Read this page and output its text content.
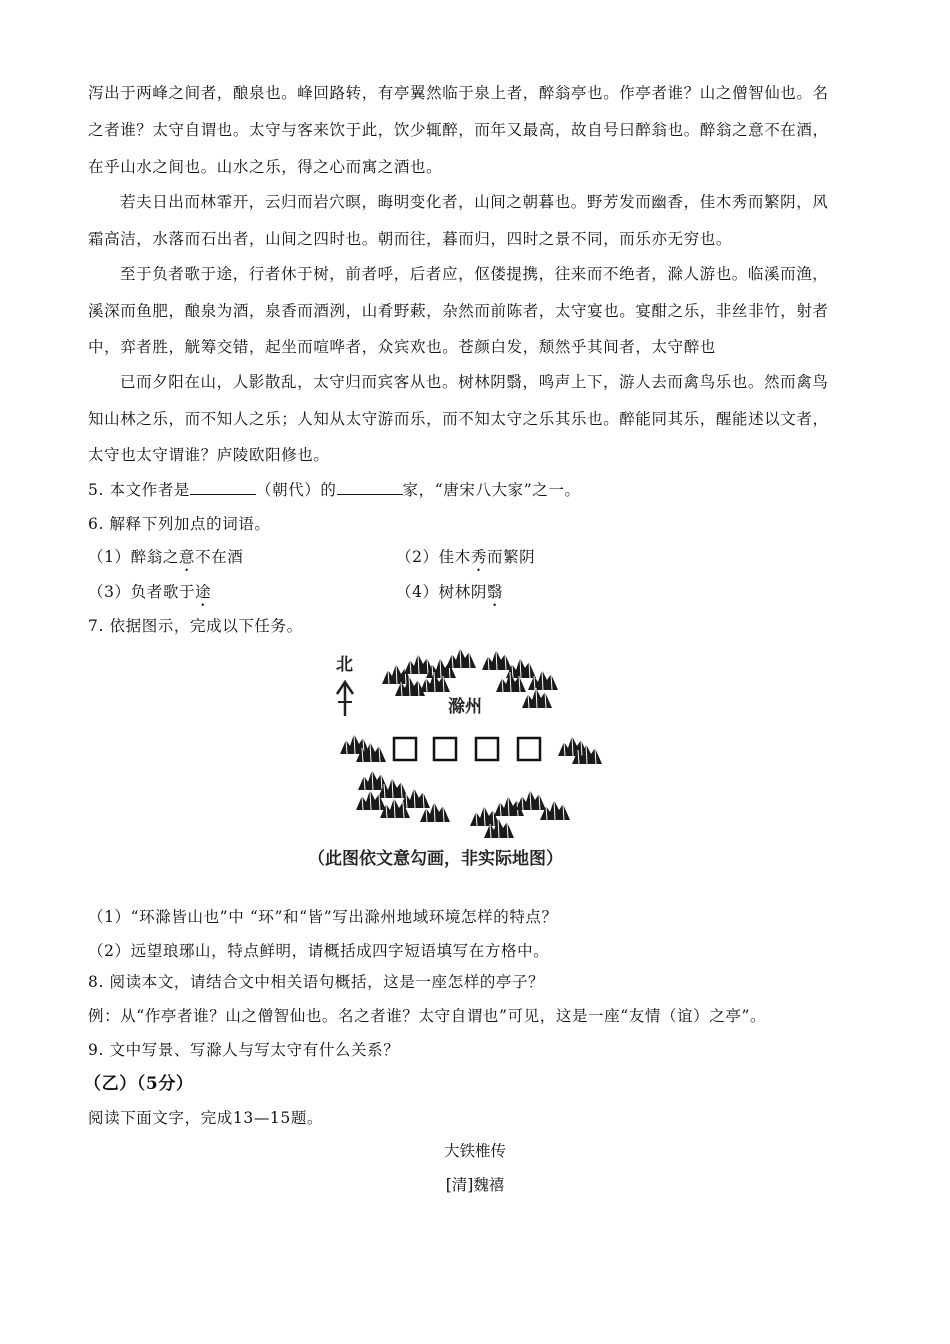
泻出于两峰之间者，酿泉也。峰回路转，有亭翼然临于泉上者，醉翁亭也。作亭者谁？山之僧智仙也。名
之者谁？太守自谓也。太守与客来饮于此，饮少辄醉，而年又最高，故自号曰醉翁也。醉翁之意不在酒，
在乎山水之间也。山水之乐，得之心而寓之酒也。
若夫日出而林霏开，云归而岩穴暝，晦明变化者，山间之朝暮也。野芳发而幽香，佳木秀而繁阴，风
霜高洁，水落而石出者，山间之四时也。朝而往，暮而归，四时之景不同，而乐亦无穷也。
至于负者歌于途，行者休于树，前者呼，后者应，伛偻提携，往来而不绝者，滁人游也。临溪而渔，
溪深而鱼肥，酿泉为酒，泉香而酒洌，山肴野蔌，杂然而前陈者，太守宴也。宴酣之乐，非丝非竹，射者
中，弈者胜，觥筹交错，起坐而喧哗者，众宾欢也。苍颜白发，颓然乎其间者，太守醉也
已而夕阳在山，人影散乱，太守归而宾客从也。树林阴翳，鸣声上下，游人去而禽鸟乐也。然而禽鸟
知山林之乐，而不知人之乐；人知从太守游而乐，而不知太守之乐其乐也。醉能同其乐，醒能述以文者，
太守也太守谓谁？庐陵欧阳修也。
5. 本文作者是	（朝代）的	家，“唐宋八大家”之一。
6. 解释下列加点的词语。
（1）醉翁之意不在酒	（2）佳木秀而繁阴
（3）负者歌于途	（4）树林阴翳
7. 依据图示，完成以下任务。
北
滁州
（此图依文意勾画，非实际地图）
（1）“环滁皆山也”中 “环”和“皆”写出滁州地域环境怎样的特点？
（2）远望琅琊山，特点鲜明，请概括成四字短语填写在方格中。
8. 阅读本文，请结合文中相关语句概括，这是一座怎样的亭子？
例：从“作亭者谁？山之僧智仙也。名之者谁？太守自谓也”可见，这是一座“友情（谊）之亭”。
9. 文中写景、写滁人与写太守有什么关系？
（乙）（5分）
阅读下面文字，完成13—15题。
大铁椎传
[清]魏禧
